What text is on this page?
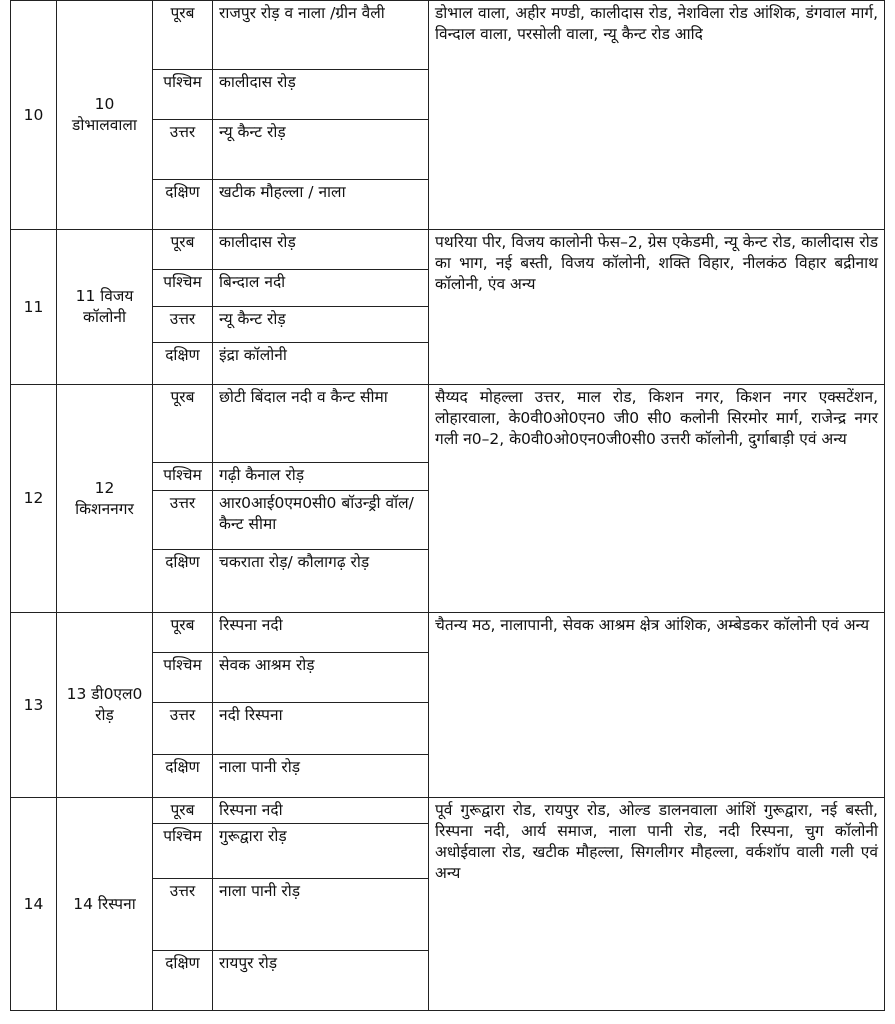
10	10 डोभालवाला	पूरब	राजपुर रोड़ व नाला /ग्रीन वैली	डोभाल वाला, अहीर मण्डी, कालीदास रोड, नेशविला रोड आंशिक, डंगवाल मार्ग, विन्दाल वाला, परसोली वाला, न्यू कैन्ट रोड आदि
		पश्चिम	कालीदास रोड़	
		उत्तर	न्यू कैन्ट रोड़	
		दक्षिण	खटीक मौहल्ला / नाला	
11	11 विजय कॉलोनी	पूरब	कालीदास रोड़	पथरिया पीर, विजय कालोनी फेस–2, ग्रेस एकेडमी, न्यू केन्ट रोड, कालीदास रोड का भाग, नई बस्ती, विजय कॉलोनी, शक्ति विहार, नीलकंठ विहार बद्रीनाथ कॉलोनी, एंव अन्य
		पश्चिम	बिन्दाल नदी	
		उत्तर	न्यू कैन्ट रोड़	
		दक्षिण	इंद्रा कॉलोनी	
12	12 किशननगर	पूरब	छोटी बिंदाल नदी व कैन्ट सीमा	सैय्यद मोहल्ला उत्तर, माल रोड, किशन नगर, किशन नगर एक्सटेंशन, लोहारवाला, के0वी0ओ0एन0 जी0 सी0 कलोनी सिरमोर मार्ग, राजेन्द्र नगर गली न0–2, के0वी0ओ0एन0जी0सी0 उत्तरी कॉलोनी, दुर्गाबाड़ी एवं अन्य
		पश्चिम	गढ़ी कैनाल रोड़	
		उत्तर	आर0आई0एम0सी0 बॉउन्ड्री वॉल/कैन्ट सीमा	
		दक्षिण	चकराता रोड़/ कौलागढ़ रोड़	
13	13 डी0एल0 रोड़	पूरब	रिस्पना नदी	चैतन्य मठ, नालापानी, सेवक आश्रम क्षेत्र आंशिक, अम्बेडकर कॉलोनी एवं अन्य
		पश्चिम	सेवक आश्रम रोड़	
		उत्तर	नदी रिस्पना	
		दक्षिण	नाला पानी रोड़	
14	14 रिस्पना	पूरब	रिस्पना नदी	पूर्व गुरूद्वारा रोड, रायपुर रोड, ओल्ड डालनवाला आंशिं गुरूद्वारा, नई बस्ती, रिस्पना नदी, आर्य समाज, नाला पानी रोड, नदी रिस्पना, चुग कॉलोनी अधोईवाला रोड, खटीक मौहल्ला, सिगलीगर मौहल्ला, वर्कशॉप वाली गली एवं अन्य
		पश्चिम	गुरूद्वारा रोड़	
		उत्तर	नाला पानी रोड़	
		दक्षिण	रायपुर रोड़	
